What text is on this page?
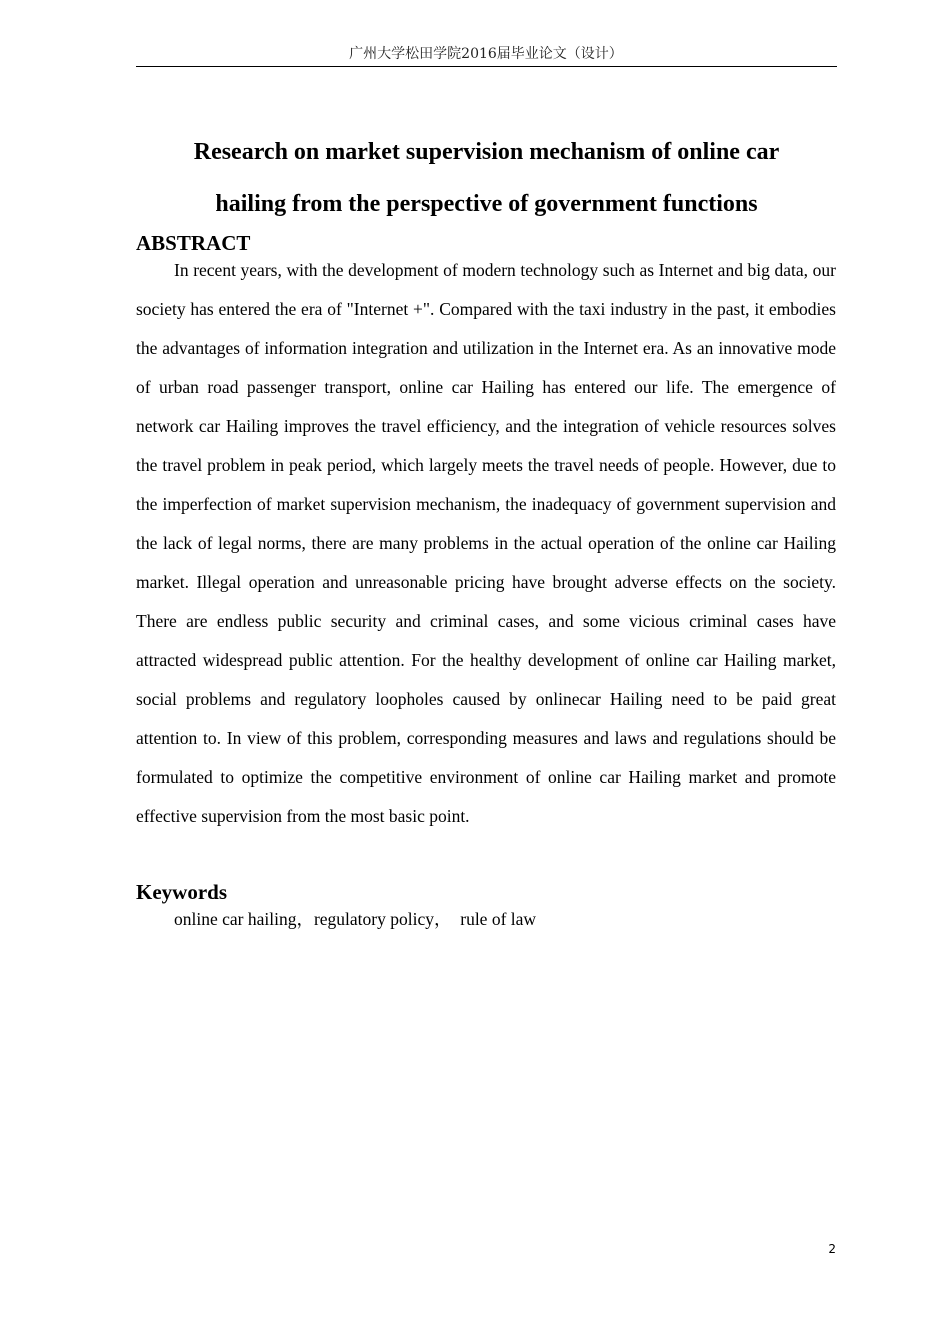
广州大学松田学院2016届毕业论文（设计）
Research on market supervision mechanism of online car
hailing from the perspective of government functions
ABSTRACT

In recent years, with the development of modern technology such as Internet and big data, our society has entered the era of "Internet +". Compared with the taxi industry in the past, it embodies the advantages of information integration and utilization in the Internet era. As an innovative mode of urban road passenger transport, online car Hailing has entered our life. The emergence of network car Hailing improves the travel efficiency, and the integration of vehicle resources solves the travel problem in peak period, which largely meets the travel needs of people. However, due to the imperfection of market supervision mechanism, the inadequacy of government supervision and the lack of legal norms, there are many problems in the actual operation of the online car Hailing market. Illegal operation and unreasonable pricing have brought adverse effects on the society. There are endless public security and criminal cases, and some vicious criminal cases have attracted widespread public attention. For the healthy development of online car Hailing market, social problems and regulatory loopholes caused by onlinecar Hailing need to be paid great attention to. In view of this problem, corresponding measures and laws and regulations should be formulated to optimize the competitive environment of online car Hailing market and promote effective supervision from the most basic point.

Keywords

online car hailing，regulatory policy，  rule of law

2
